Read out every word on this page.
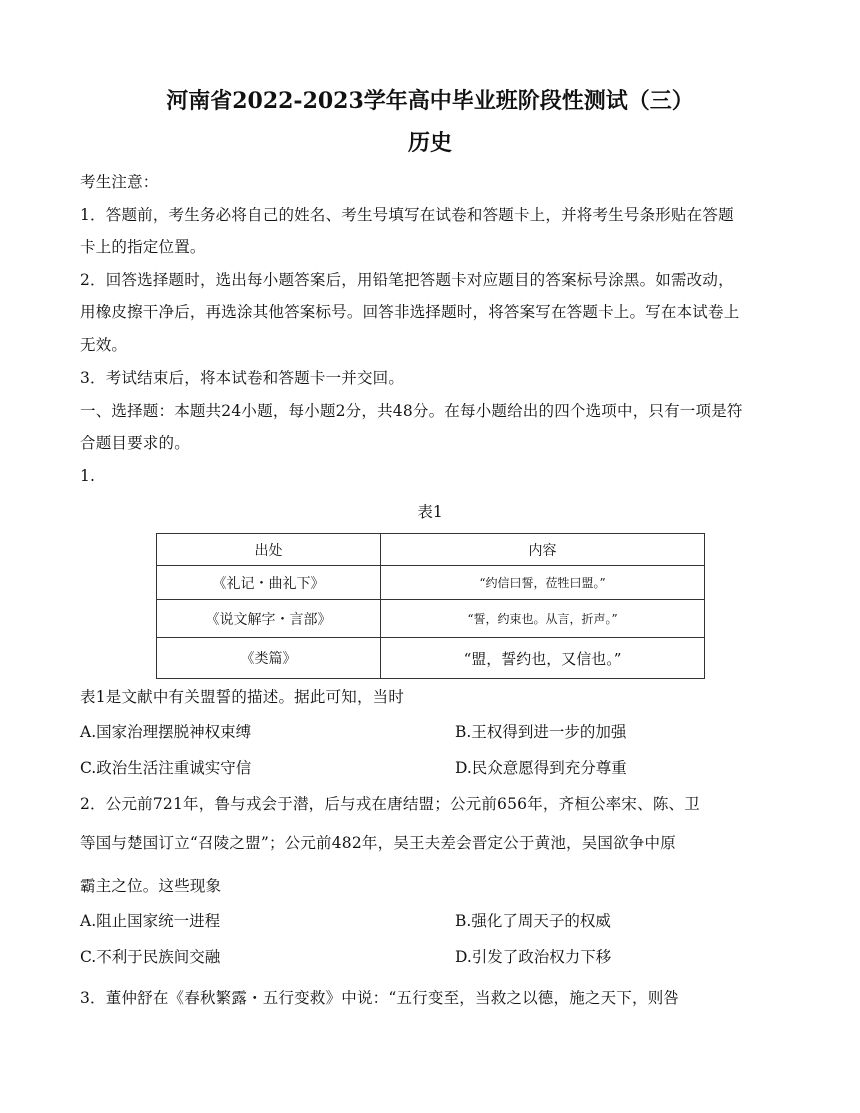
河南省2022-2023学年高中毕业班阶段性测试（三）
历史
考生注意：
1．答题前，考生务必将自己的姓名、考生号填写在试卷和答题卡上，并将考生号条形贴在答题
卡上的指定位置。
2．回答选择题时，选出每小题答案后，用铅笔把答题卡对应题目的答案标号涂黑。如需改动，
用橡皮擦干净后，再选涂其他答案标号。回答非选择题时，将答案写在答题卡上。写在本试卷上
无效。
3．考试结束后，将本试卷和答题卡一并交回。
一、选择题：本题共24小题，每小题2分，共48分。在每小题给出的四个选项中，只有一项是符
合题目要求的。
1.
表1
出处	内容
《礼记・曲礼下》	“约信曰誓，莅牲曰盟。”
《说文解字・言部》	“誓，约束也。从言，折声。”
《类篇》	“盟，誓约也，又信也。”
表1是文献中有关盟誓的描述。据此可知，当时
A.国家治理摆脱神权束缚	B.王权得到进一步的加强
C.政治生活注重诚实守信	D.民众意愿得到充分尊重
2．公元前721年，鲁与戎会于潜，后与戎在唐结盟；公元前656年，齐桓公率宋、陈、卫
等国与楚国订立“召陵之盟”；公元前482年，吴王夫差会晋定公于黄池，吴国欲争中原
霸主之位。这些现象
A.阻止国家统一进程	B.强化了周天子的权威
C.不利于民族间交融	D.引发了政治权力下移
3．董仲舒在《春秋繁露・五行变救》中说：“五行变至，当救之以德，施之天下，则咎
